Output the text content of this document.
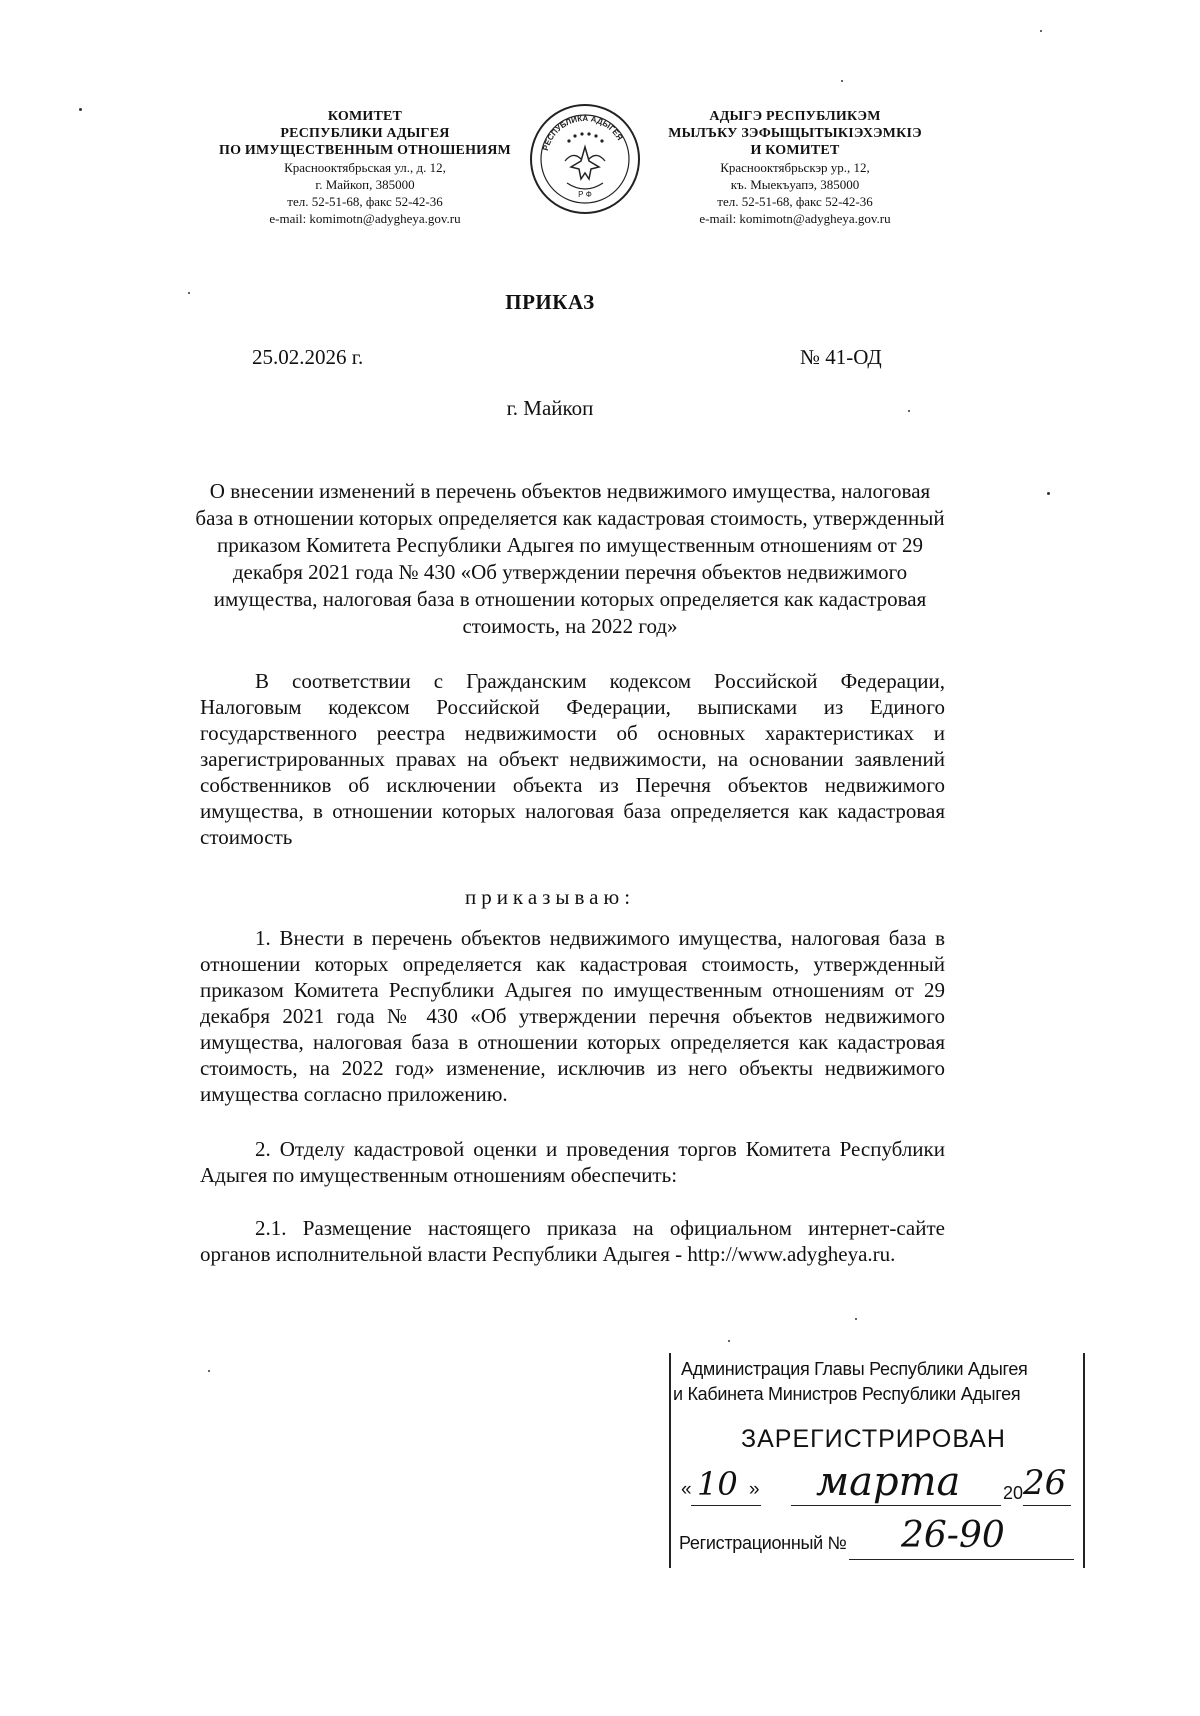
КОМИТЕТ
РЕСПУБЛИКИ АДЫГЕЯ
ПО ИМУЩЕСТВЕННЫМ ОТНОШЕНИЯМ
Краснооктябрьская ул., д. 12,
г. Майкоп, 385000
тел. 52-51-68, факс 52-42-36
e-mail: komimotn@adygheya.gov.ru
РЕСПУБЛИКА АДЫГЕЯ
Р Ф
АДЫГЭ РЕСПУБЛИКЭМ
МЫЛЪКУ ЗЭФЫЩЫТЫКІЭХЭМКІЭ
И КОМИТЕТ
Краснооктябрьскэр ур., 12,
къ. Мыекъуапэ, 385000
тел. 52-51-68, факс 52-42-36
e-mail: komimotn@adygheya.gov.ru
ПРИКАЗ
25.02.2026 г.	№ 41-ОД
г. Майкоп
О внесении изменений в перечень объектов недвижимого имущества, налоговая база в отношении которых определяется как кадастровая стоимость, утвержденный приказом Комитета Республики Адыгея по имущественным отношениям от 29 декабря 2021 года № 430 «Об утверждении перечня объектов недвижимого имущества, налоговая база в отношении которых определяется как кадастровая стоимость, на 2022 год»
В соответствии с Гражданским кодексом Российской Федерации, Налоговым кодексом Российской Федерации, выписками из Единого государственного реестра недвижимости об основных характеристиках и зарегистрированных правах на объект недвижимости, на основании заявлений собственников об исключении объекта из Перечня объектов недвижимого имущества, в отношении которых налоговая база определяется как кадастровая стоимость
приказываю:
1. Внести в перечень объектов недвижимого имущества, налоговая база в отношении которых определяется как кадастровая стоимость, утвержденный приказом Комитета Республики Адыгея по имущественным отношениям от 29 декабря 2021 года № 430 «Об утверждении перечня объектов недвижимого имущества, налоговая база в отношении которых определяется как кадастровая стоимость, на 2022 год» изменение, исключив из него объекты недвижимого имущества согласно приложению.
2. Отделу кадастровой оценки и проведения торгов Комитета Республики Адыгея по имущественным отношениям обеспечить:
2.1. Размещение настоящего приказа на официальном интернет-сайте органов исполнительной власти Республики Адыгея - http://www.adygheya.ru.
Администрация Главы Республики Адыгея
и Кабинета Министров Республики Адыгея
ЗАРЕГИСТРИРОВАН
« 10 » марта 20 26
Регистрационный № 26-90
